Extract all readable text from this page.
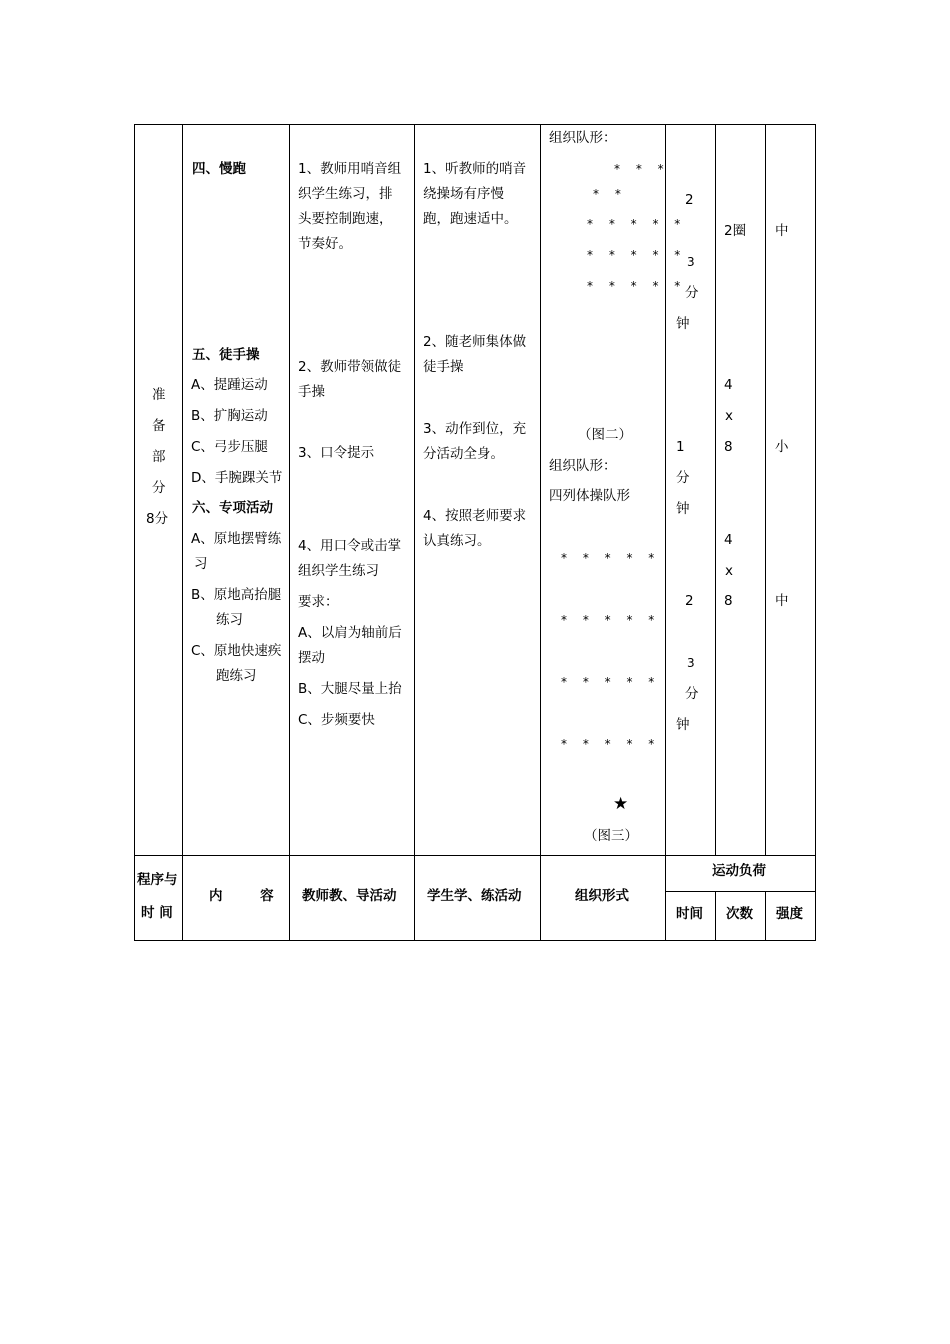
准
备
部
分
8分
四、慢跑
五、徒手操
A、提踵运动
B、扩胸运动
C、弓步压腿
D、手腕踝关节
六、专项活动
A、原地摆臂练
习
B、原地高抬腿
练习
C、原地快速疾
跑练习
1、教师用哨音组
织学生练习，排
头要控制跑速，
节奏好。
2、教师带领做徒
手操
3、口令提示
4、用口令或击掌
组织学生练习
要求：
A、以肩为轴前后
摆动
B、大腿尽量上抬
C、步频要快
1、听教师的哨音
绕操场有序慢
跑，跑速适中。
2、随老师集体做
徒手操
3、动作到位，充
分活动全身。
4、按照老师要求
认真练习。
组织队形：
* * *
* *
* * * * *
* * * * *
* * * * *
（图二）
组织队形：
四列体操队形
* * * * *
* * * * *
* * * * *
* * * * *
★
（图三）
2
3
分
钟
1
分
钟
2
3
分
钟
2圈
4
x
8
4
x
8
中
小
中
程序与
时 间
内        容 教师教、导活动 学生学、练活动	组织形式
运动负荷
时间 次数 强度
